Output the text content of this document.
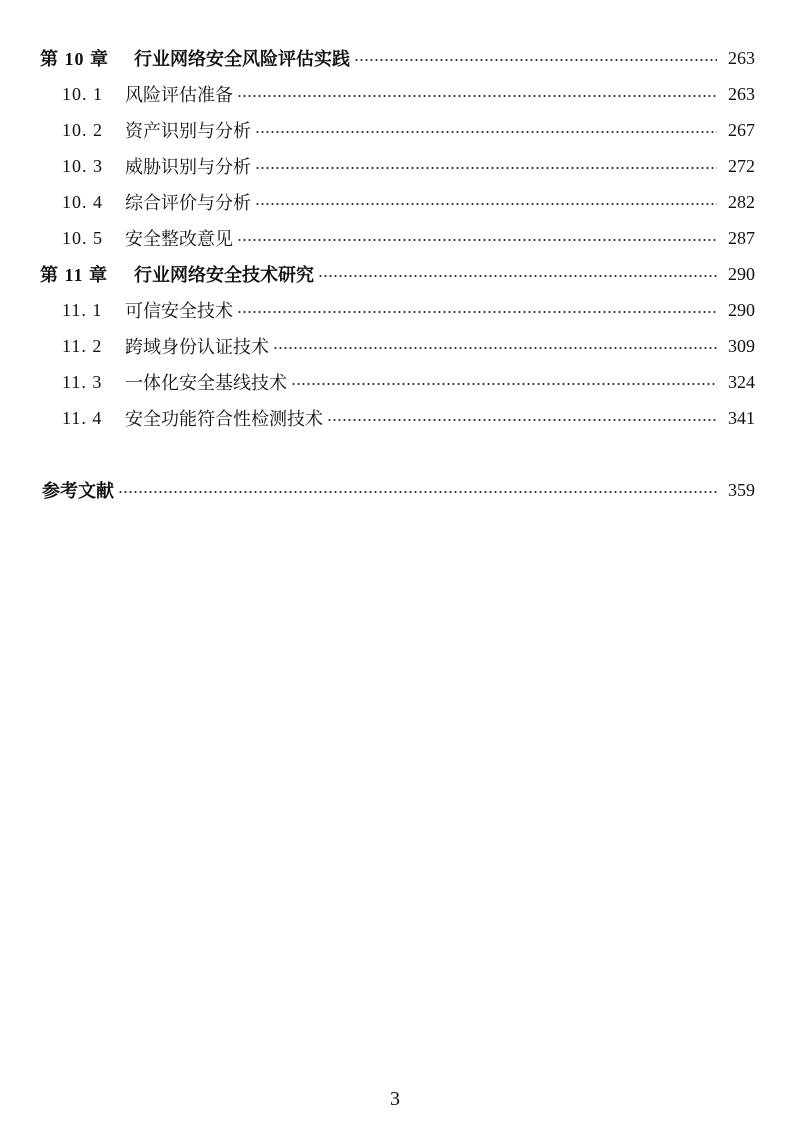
第 10 章	行业网络安全风险评估实践	263
10. 1	风险评估准备	263
10. 2	资产识别与分析	267
10. 3	威胁识别与分析	272
10. 4	综合评价与分析	282
10. 5	安全整改意见	287
第 11 章	行业网络安全技术研究	290
11. 1	可信安全技术	290
11. 2	跨域身份认证技术	309
11. 3	一体化安全基线技术	324
11. 4	安全功能符合性检测技术	341
参考文献	359
3
